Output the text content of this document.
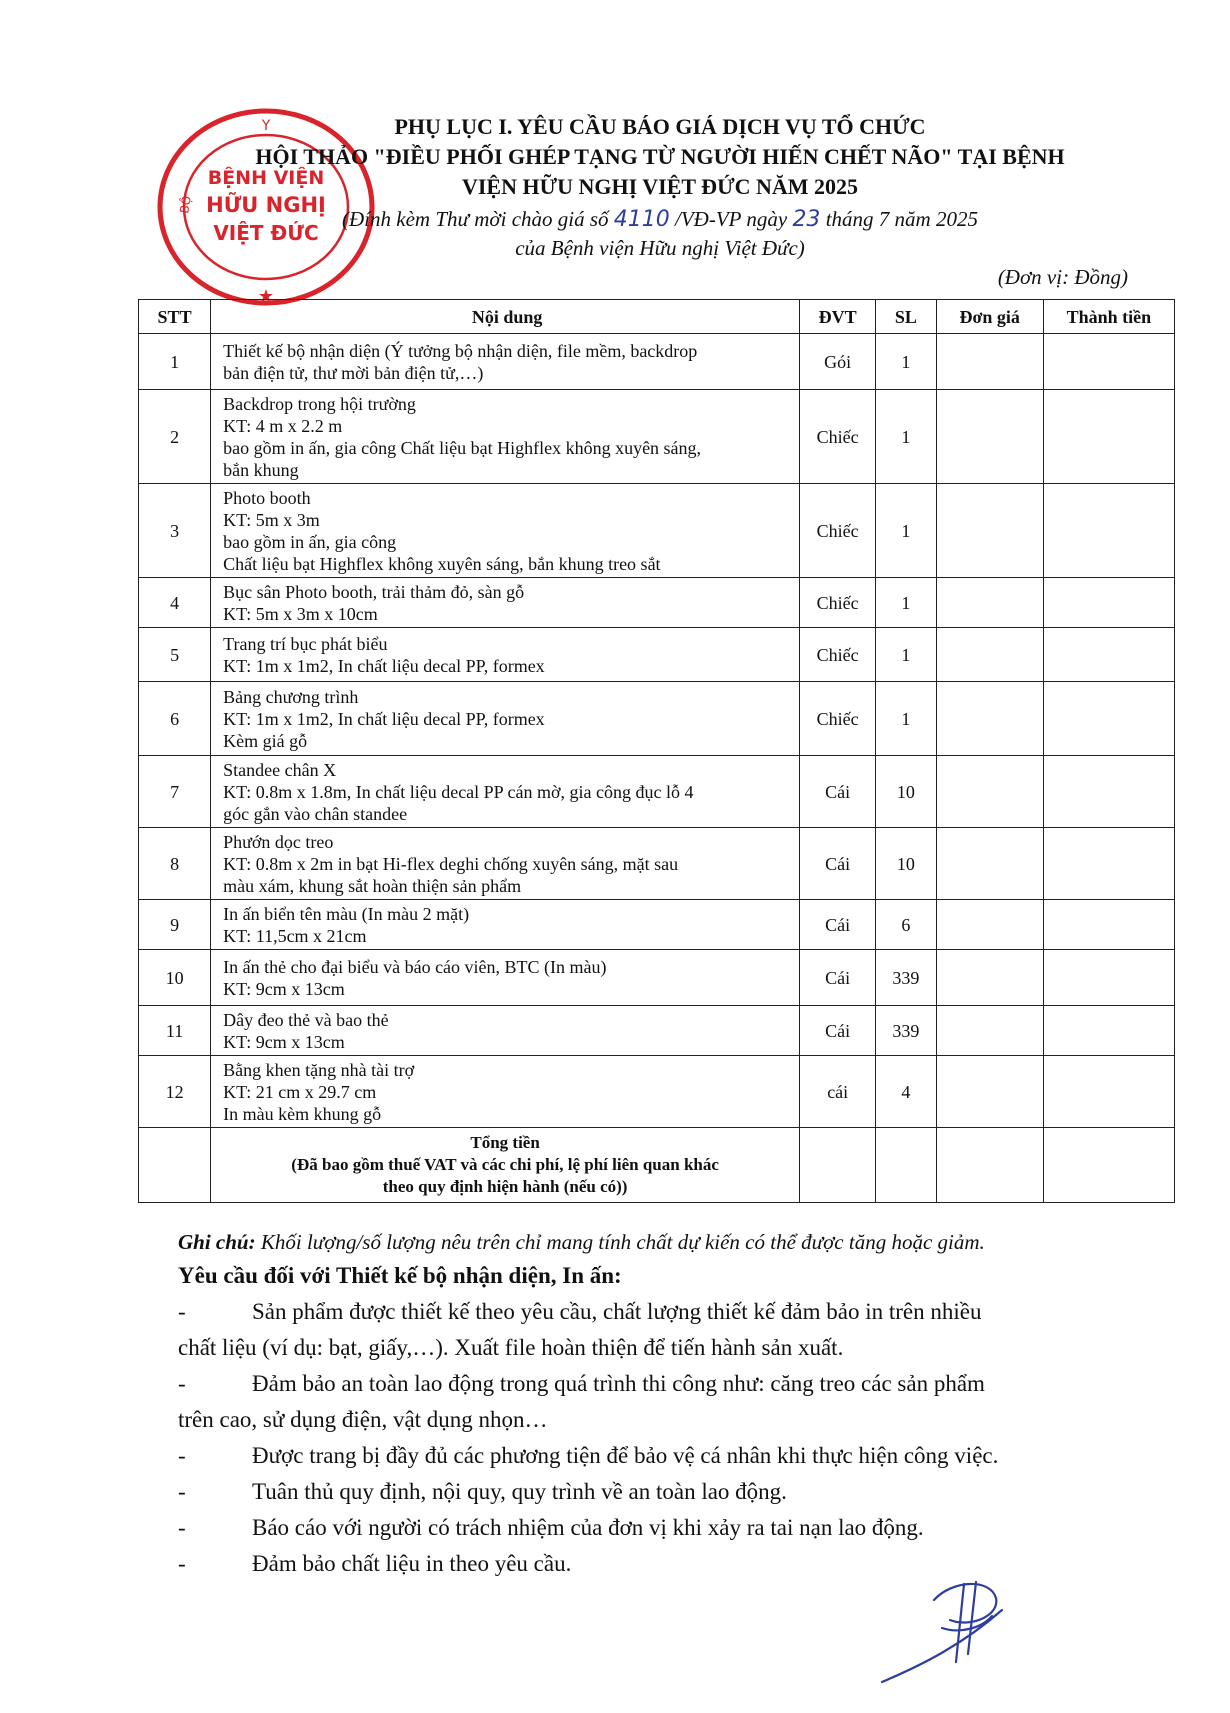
Y
★
BỘ
BỆNH VIỆN
HỮU NGHỊ
VIỆT ĐỨC
PHỤ LỤC I. YÊU CẦU BÁO GIÁ DỊCH VỤ TỔ CHỨC
HỘI THẢO "ĐIỀU PHỐI GHÉP TẠNG TỪ NGƯỜI HIẾN CHẾT NÃO" TẠI BỆNH
VIỆN HỮU NGHỊ VIỆT ĐỨC NĂM 2025
(Đính kèm Thư mời chào giá số 4110 /VĐ-VP ngày 23 tháng 7 năm 2025
của Bệnh viện Hữu nghị Việt Đức)
(Đơn vị: Đồng)
STT	Nội dung	ĐVT	SL	Đơn giá	Thành tiền
1	Thiết kế bộ nhận diện (Ý tưởng bộ nhận diện, file mềm, backdrop
bản điện tử, thư mời bản điện tử,…)	Gói	1		
2	Backdrop trong hội trường
KT: 4 m x 2.2 m
bao gồm in ấn, gia công Chất liệu bạt Highflex không xuyên sáng,
bắn khung	Chiếc	1		
3	Photo booth
KT: 5m x 3m
bao gồm in ấn, gia công
Chất liệu bạt Highflex không xuyên sáng, bắn khung treo sắt	Chiếc	1		
4	Bục sân Photo booth, trải thảm đỏ, sàn gỗ
KT: 5m x 3m x 10cm	Chiếc	1		
5	Trang trí bục phát biểu
KT: 1m x 1m2, In chất liệu decal PP, formex	Chiếc	1		
6	Bảng chương trình
KT: 1m x 1m2, In chất liệu decal PP, formex
Kèm giá gỗ	Chiếc	1		
7	Standee chân X
KT: 0.8m x 1.8m, In chất liệu decal PP cán mờ, gia công đục lỗ 4
góc gắn vào chân standee	Cái	10		
8	Phướn dọc treo
KT: 0.8m x 2m in bạt Hi-flex deghi chống xuyên sáng, mặt sau
màu xám, khung sắt hoàn thiện sản phẩm	Cái	10		
9	In ấn biển tên màu (In màu 2 mặt)
KT: 11,5cm x 21cm	Cái	6		
10	In ấn thẻ cho đại biểu và báo cáo viên, BTC (In màu)
KT: 9cm x 13cm	Cái	339		
11	Dây đeo thẻ và bao thẻ
KT: 9cm x 13cm	Cái	339		
12	Bằng khen tặng nhà tài trợ
KT: 21 cm x 29.7 cm
In màu kèm khung gỗ	cái	4		

	Tổng tiền
(Đã bao gồm thuế VAT và các chi phí, lệ phí liên quan khác
theo quy định hiện hành (nếu có))				

Ghi chú: Khối lượng/số lượng nêu trên chỉ mang tính chất dự kiến có thể được tăng hoặc giảm.
Yêu cầu đối với Thiết kế bộ nhận diện, In ấn:
-	Sản phẩm được thiết kế theo yêu cầu, chất lượng thiết kế đảm bảo in trên nhiều
chất liệu (ví dụ: bạt, giấy,…). Xuất file hoàn thiện để tiến hành sản xuất.
-	Đảm bảo an toàn lao động trong quá trình thi công như: căng treo các sản phẩm
trên cao, sử dụng điện, vật dụng nhọn…
-	Được trang bị đầy đủ các phương tiện để bảo vệ cá nhân khi thực hiện công việc.
-	Tuân thủ quy định, nội quy, quy trình về an toàn lao động.
-	Báo cáo với người có trách nhiệm của đơn vị khi xảy ra tai nạn lao động.
-	Đảm bảo chất liệu in theo yêu cầu.
